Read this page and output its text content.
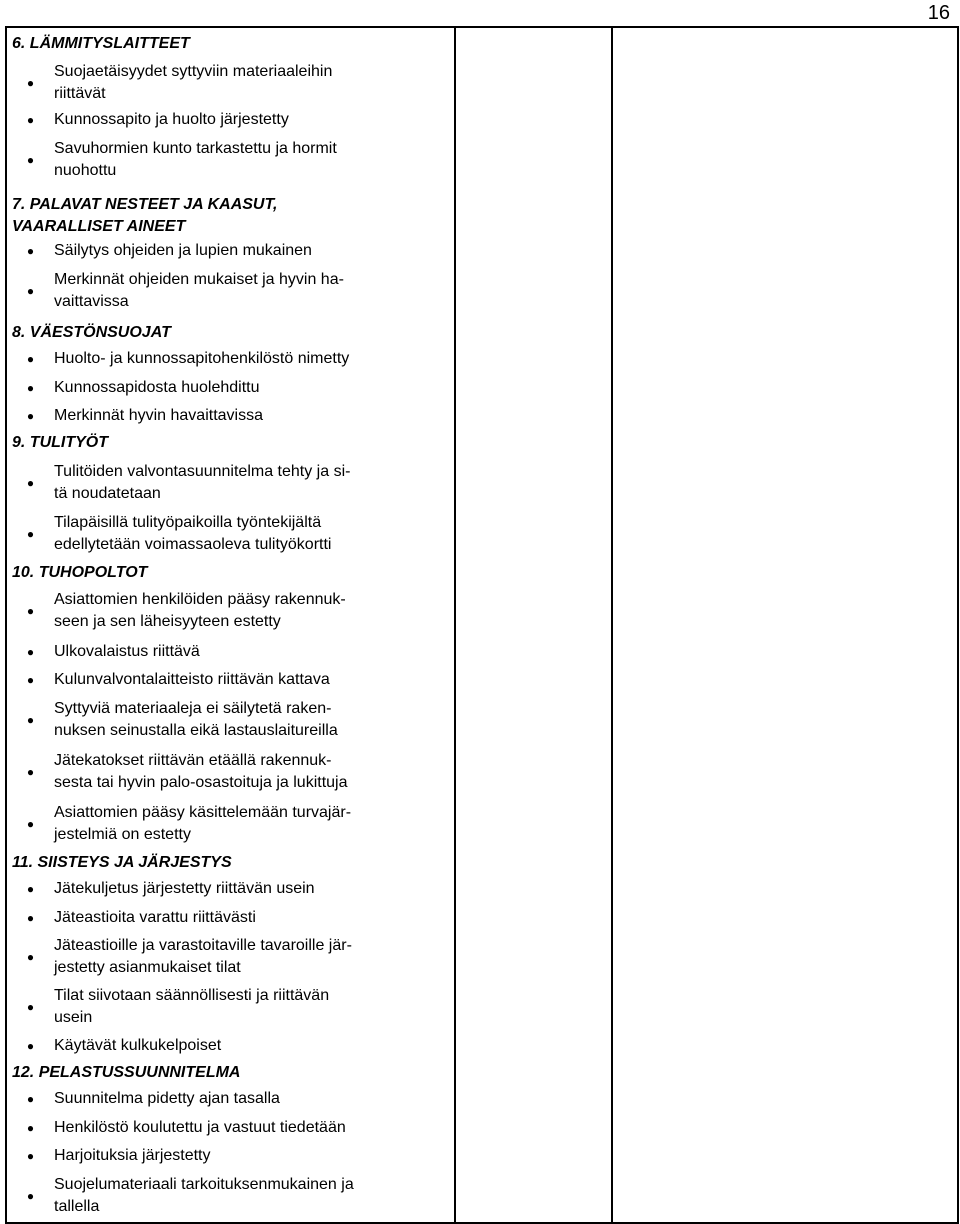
16
6. LÄMMITYSLAITTEET
●
Suojaetäisyydet syttyviin materiaaleihin
riittävät
●	Kunnossapito ja huolto järjestetty
●
Savuhormien kunto tarkastettu ja hormit
nuohottu
7. PALAVAT NESTEET JA KAASUT,
VAARALLISET AINEET
●	Säilytys ohjeiden ja lupien mukainen
●
Merkinnät ohjeiden mukaiset ja hyvin ha-
vaittavissa
8. VÄESTÖNSUOJAT
●	Huolto- ja kunnossapitohenkilöstö nimetty
●	Kunnossapidosta huolehdittu
●	Merkinnät hyvin havaittavissa
9. TULITYÖT
●
Tulitöiden valvontasuunnitelma tehty ja si-
tä noudatetaan
●
Tilapäisillä tulityöpaikoilla työntekijältä
edellytetään voimassaoleva tulityökortti
10. TUHOPOLTOT
●
Asiattomien henkilöiden pääsy rakennuk-
seen ja sen läheisyyteen estetty
●	Ulkovalaistus riittävä
●	Kulunvalvontalaitteisto riittävän kattava
●
Syttyviä materiaaleja ei säilytetä raken-
nuksen seinustalla eikä lastauslaitureilla
●
Jätekatokset riittävän etäällä rakennuk-
sesta tai hyvin palo-osastoituja ja lukittuja
●
Asiattomien pääsy käsittelemään turvajär-
jestelmiä on estetty
11. SIISTEYS JA JÄRJESTYS
●	Jätekuljetus järjestetty riittävän usein
●	Jäteastioita varattu riittävästi
●
Jäteastioille ja varastoitaville tavaroille jär-
jestetty asianmukaiset tilat
●
Tilat siivotaan säännöllisesti ja riittävän
usein
●	Käytävät kulkukelpoiset
12. PELASTUSSUUNNITELMA
●	Suunnitelma pidetty ajan tasalla
●	Henkilöstö koulutettu ja vastuut tiedetään
●	Harjoituksia järjestetty
●
Suojelumateriaali tarkoituksenmukainen ja
tallella
